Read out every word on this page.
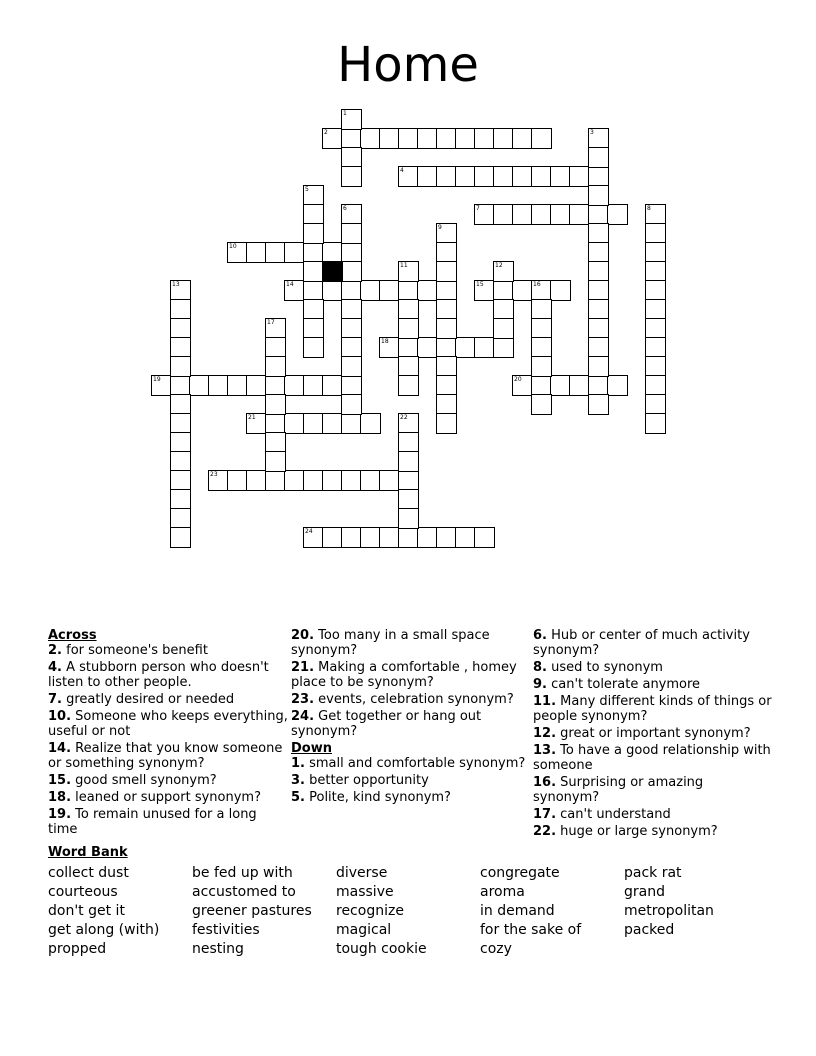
Home
2
4
7
10
14	15	16
18
19	20
21
23
24
1
3
5
6	8
9
11	12
13
17
22
Across
2. for someone's benefit
4. A stubborn person who doesn't listen to other people.
7. greatly desired or needed
10. Someone who keeps everything, useful or not
14. Realize that you know someone or something synonym?
15. good smell synonym?
18. leaned or support synonym?
19. To remain unused for a long time
20. Too many in a small space synonym?
21. Making a comfortable , homey place to be synonym?
23. events, celebration synonym?
24. Get together or hang out synonym?
Down
1. small and comfortable synonym?
3. better opportunity
5. Polite, kind synonym?
6. Hub or center of much activity synonym?
8. used to synonym
9. can't tolerate anymore
11. Many different kinds of things or people synonym?
12. great or important synonym?
13. To have a good relationship with someone
16. Surprising or amazing synonym?
17. can't understand
22. huge or large synonym?
Word Bank
collect dust
courteous
don't get it
get along (with)
propped
be fed up with
accustomed to
greener pastures
festivities
nesting
diverse
massive
recognize
magical
tough cookie
congregate
aroma
in demand
for the sake of
cozy
pack rat
grand
metropolitan
packed
